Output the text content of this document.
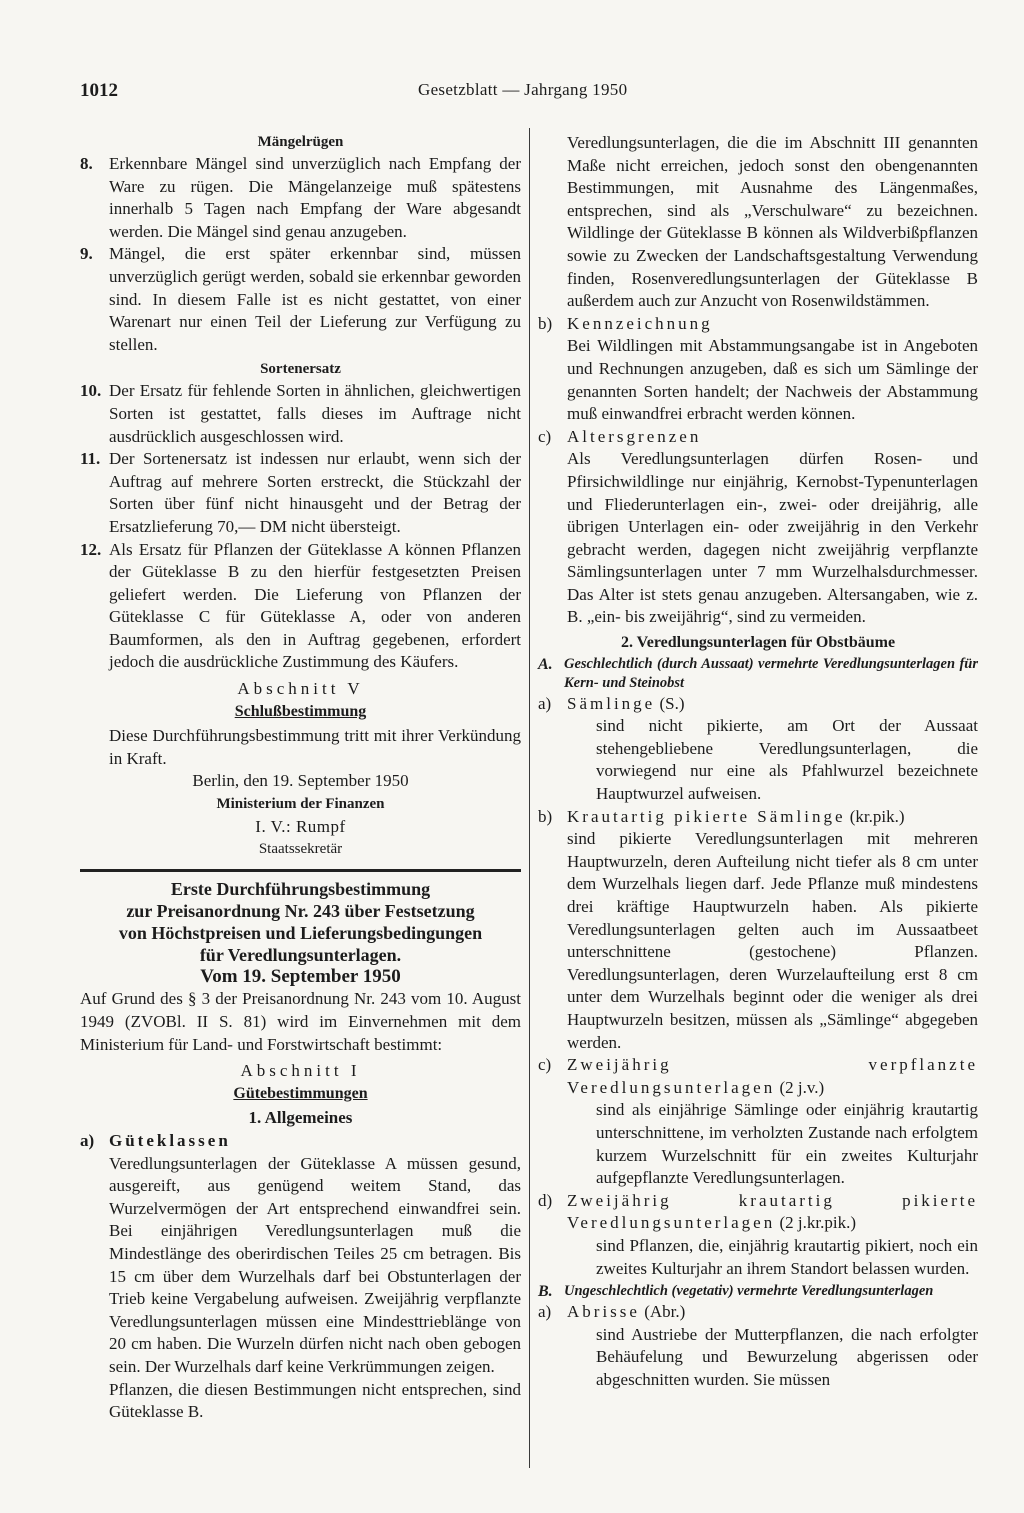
1012	Gesetzblatt — Jahrgang 1950

Mängelrügen

8. Erkennbare Mängel sind unverzüglich nach Empfang der Ware zu rügen. Die Mängelanzeige muß spätestens innerhalb 5 Tagen nach Empfang der Ware abgesandt werden. Die Mängel sind genau anzugeben.

9. Mängel, die erst später erkennbar sind, müssen unverzüglich gerügt werden, sobald sie erkennbar geworden sind. In diesem Falle ist es nicht gestattet, von einer Warenart nur einen Teil der Lieferung zur Verfügung zu stellen.

Sortenersatz

10. Der Ersatz für fehlende Sorten in ähnlichen, gleichwertigen Sorten ist gestattet, falls dieses im Auftrage nicht ausdrücklich ausgeschlossen wird.

11. Der Sortenersatz ist indessen nur erlaubt, wenn sich der Auftrag auf mehrere Sorten erstreckt, die Stückzahl der Sorten über fünf nicht hinausgeht und der Betrag der Ersatzlieferung 70,— DM nicht übersteigt.

12. Als Ersatz für Pflanzen der Güteklasse A können Pflanzen der Güteklasse B zu den hierfür festgesetzten Preisen geliefert werden. Die Lieferung von Pflanzen der Güteklasse C für Güteklasse A, oder von anderen Baumformen, als den in Auftrag gegebenen, erfordert jedoch die ausdrückliche Zustimmung des Käufers.

Abschnitt V

Schlußbestimmung

Diese Durchführungsbestimmung tritt mit ihrer Verkündung in Kraft.

Berlin, den 19. September 1950

Ministerium der Finanzen

I. V.: Rumpf

Staatssekretär

Erste Durchführungsbestimmung
zur Preisanordnung Nr. 243 über Festsetzung
von Höchstpreisen und Lieferungsbedingungen
für Veredlungsunterlagen.

Vom 19. September 1950

Auf Grund des § 3 der Preisanordnung Nr. 243 vom 10. August 1949 (ZVOBl. II S. 81) wird im Einvernehmen mit dem Ministerium für Land- und Forstwirtschaft bestimmt:

Abschnitt I

Gütebestimmungen

1. Allgemeines

a) Güteklassen

Veredlungsunterlagen der Güteklasse A müssen gesund, ausgereift, aus genügend weitem Stand, das Wurzelvermögen der Art entsprechend einwandfrei sein. Bei einjährigen Veredlungsunterlagen muß die Mindestlänge des oberirdischen Teiles 25 cm betragen. Bis 15 cm über dem Wurzelhals darf bei Obstunterlagen der Trieb keine Vergabelung aufweisen. Zweijährig verpflanzte Veredlungsunterlagen müssen eine Mindesttrieblänge von 20 cm haben. Die Wurzeln dürfen nicht nach oben gebogen sein. Der Wurzelhals darf keine Verkrümmungen zeigen.

Pflanzen, die diesen Bestimmungen nicht entsprechen, sind Güteklasse B.

Veredlungsunterlagen, die die im Abschnitt III genannten Maße nicht erreichen, jedoch sonst den obengenannten Bestimmungen, mit Ausnahme des Längenmaßes, entsprechen, sind als „Verschulware“ zu bezeichnen. Wildlinge der Güteklasse B können als Wildverbißpflanzen sowie zu Zwecken der Landschaftsgestaltung Verwendung finden, Rosenveredlungsunterlagen der Güteklasse B außerdem auch zur Anzucht von Rosenwildstämmen.

b) Kennzeichnung

Bei Wildlingen mit Abstammungsangabe ist in Angeboten und Rechnungen anzugeben, daß es sich um Sämlinge der genannten Sorten handelt; der Nachweis der Abstammung muß einwandfrei erbracht werden können.

c) Altersgrenzen

Als Veredlungsunterlagen dürfen Rosen- und Pfirsichwildlinge nur einjährig, Kernobst-Typenunterlagen und Fliederunterlagen ein-, zwei- oder dreijährig, alle übrigen Unterlagen ein- oder zweijährig in den Verkehr gebracht werden, dagegen nicht zweijährig verpflanzte Sämlingsunterlagen unter 7 mm Wurzelhalsdurchmesser. Das Alter ist stets genau anzugeben. Altersangaben, wie z. B. „ein- bis zweijährig“, sind zu vermeiden.

2. Veredlungsunterlagen für Obstbäume

A. Geschlechtlich (durch Aussaat) vermehrte Veredlungsunterlagen für Kern- und Steinobst
a) Sämlinge (S.)

sind nicht pikierte, am Ort der Aussaat stehengebliebene Veredlungsunterlagen, die vorwiegend nur eine als Pfahlwurzel bezeichnete Hauptwurzel aufweisen.

b) Krautartig pikierte Sämlinge (kr.pik.)

sind pikierte Veredlungsunterlagen mit mehreren Hauptwurzeln, deren Aufteilung nicht tiefer als 8 cm unter dem Wurzelhals liegen darf. Jede Pflanze muß mindestens drei kräftige Hauptwurzeln haben. Als pikierte Veredlungsunterlagen gelten auch im Aussaatbeet unterschnittene (gestochene) Pflanzen. Veredlungsunterlagen, deren Wurzelaufteilung erst 8 cm unter dem Wurzelhals beginnt oder die weniger als drei Hauptwurzeln besitzen, müssen als „Sämlinge“ abgegeben werden.

c) Zweijährig verpflanzte Veredlungsunterlagen (2 j.v.)

sind als einjährige Sämlinge oder einjährig krautartig unterschnittene, im verholzten Zustande nach erfolgtem kurzem Wurzelschnitt für ein zweites Kulturjahr aufgepflanzte Veredlungsunterlagen.

d) Zweijährig krautartig pikierte Veredlungsunterlagen (2 j.kr.pik.)

sind Pflanzen, die, einjährig krautartig pikiert, noch ein zweites Kulturjahr an ihrem Standort belassen wurden.

B. Ungeschlechtlich (vegetativ) vermehrte Veredlungsunterlagen
a) Abrisse (Abr.)

sind Austriebe der Mutterpflanzen, die nach erfolgter Behäufelung und Bewurzelung abgerissen oder abgeschnitten wurden. Sie müssen
